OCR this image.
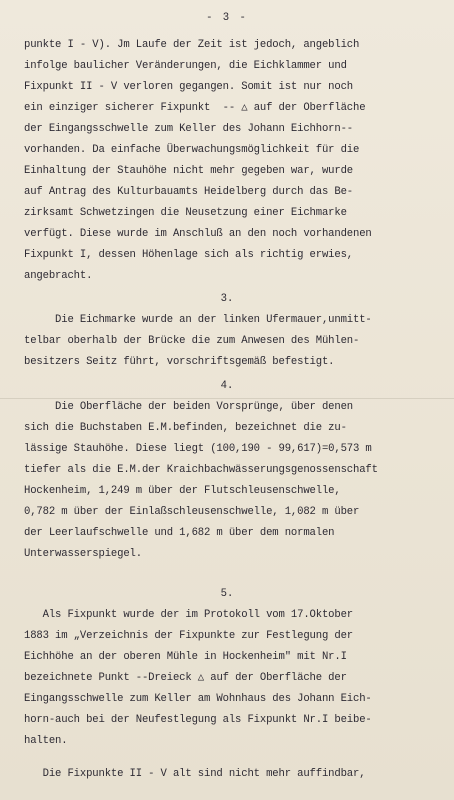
- 3 -
punkte I - V). Jm Laufe der Zeit ist jedoch, angeblich
infolge baulicher Veränderungen, die Eichklammer und
Fixpunkt II - V verloren gegangen. Somit ist nur noch
ein einziger sicherer Fixpunkt  -- △ auf der Oberfläche
der Eingangsschwelle zum Keller des Johann Eichhorn--
vorhanden. Da einfache Überwachungsmöglichkeit für die
Einhaltung der Stauhöhe nicht mehr gegeben war, wurde
auf Antrag des Kulturbauamts Heidelberg durch das Be-
zirksamt Schwetzingen die Neusetzung einer Eichmarke
verfügt. Diese wurde im Anschluß an den noch vorhandenen
Fixpunkt I, dessen Höhenlage sich als richtig erwies,
angebracht.
3.
Die Eichmarke wurde an der linken Ufermauer,unmitt-
telbar oberhalb der Brücke die zum Anwesen des Mühlen-
besitzers Seitz führt, vorschriftsgemäß befestigt.
4.
Die Oberfläche der beiden Vorsprünge, über denen
sich die Buchstaben E.M.befinden, bezeichnet die zu-
lässige Stauhöhe. Diese liegt (100,190 - 99,617)=0,573 m
tiefer als die E.M.der Kraichbachwässerungsgenossenschaft
Hockenheim, 1,249 m über der Flutschleusenschwelle,
0,782 m über der Einlaßschleusenschwelle, 1,082 m über
der Leerlaufschwelle und 1,682 m über dem normalen
Unterwasserspiegel.
5.
Als Fixpunkt wurde der im Protokoll vom 17.Oktober
1883 im „Verzeichnis der Fixpunkte zur Festlegung der
Eichhöhe an der oberen Mühle in Hockenheim" mit Nr.I
bezeichnete Punkt --Dreieck △ auf der Oberfläche der
Eingangsschwelle zum Keller am Wohnhaus des Johann Eich-
horn-auch bei der Neufestlegung als Fixpunkt Nr.I beibe-
halten.
Die Fixpunkte II - V alt sind nicht mehr auffindbar,
